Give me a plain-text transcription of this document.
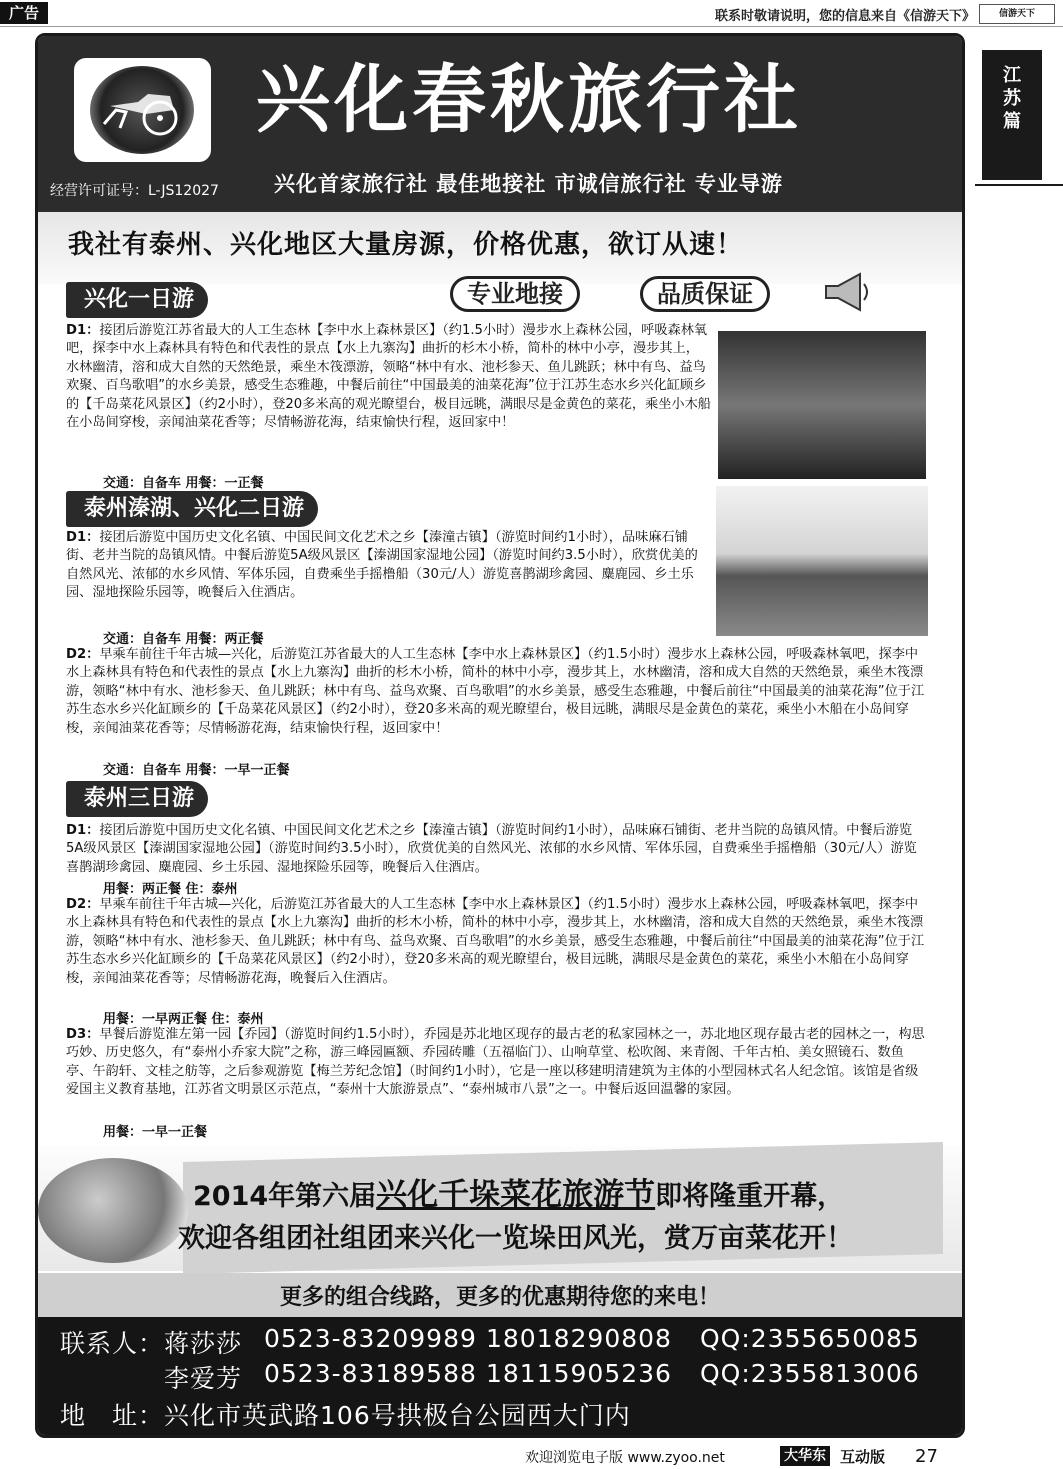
广告	联系时敬请说明，您的信息来自《信游天下》	信游天下
江苏篇
经营许可证号：L-JS12027
兴化春秋旅行社
兴化首家旅行社 最佳地接社 市诚信旅行社 专业导游
我社有泰州、兴化地区大量房源，价格优惠，欲订从速！
专业地接	品质保证
兴化一日游
D1：接团后游览江苏省最大的人工生态林【李中水上森林景区】（约1.5小时）漫步水上森林公园，呼吸森林氧吧，探李中水上森林具有特色和代表性的景点【水上九寨沟】曲折的杉木小桥，简朴的林中小亭，漫步其上，水林幽清，溶和成大自然的天然绝景，乘坐木筏漂游，领略“林中有水、池杉参天、鱼儿跳跃；林中有鸟、益鸟欢聚、百鸟歌唱”的水乡美景，感受生态雅趣，中餐后前往“中国最美的油菜花海”位于江苏生态水乡兴化缸顾乡的【千岛菜花风景区】（约2小时），登20多米高的观光瞭望台，极目远眺，满眼尽是金黄色的菜花，乘坐小木船在小岛间穿梭，亲闻油菜花香等；尽情畅游花海，结束愉快行程，返回家中！
交通：自备车 用餐：一正餐
泰州溱湖、兴化二日游
D1：接团后游览中国历史文化名镇、中国民间文化艺术之乡【溱潼古镇】（游览时间约1小时），品味麻石铺街、老井当院的岛镇风情。中餐后游览5A级风景区【溱湖国家湿地公园】（游览时间约3.5小时），欣赏优美的自然风光、浓郁的水乡风情、军体乐园，自费乘坐手摇橹船（30元/人）游览喜鹊湖珍禽园、麋鹿园、乡土乐园、湿地探险乐园等，晚餐后入住酒店。
交通：自备车 用餐：两正餐
D2：早乘车前往千年古城—兴化，后游览江苏省最大的人工生态林【李中水上森林景区】（约1.5小时）漫步水上森林公园，呼吸森林氧吧，探李中水上森林具有特色和代表性的景点【水上九寨沟】曲折的杉木小桥，简朴的林中小亭，漫步其上，水林幽清，溶和成大自然的天然绝景，乘坐木筏漂游，领略“林中有水、池杉参天、鱼儿跳跃；林中有鸟、益鸟欢聚、百鸟歌唱”的水乡美景，感受生态雅趣，中餐后前往“中国最美的油菜花海”位于江苏生态水乡兴化缸顾乡的【千岛菜花风景区】（约2小时），登20多米高的观光瞭望台，极目远眺，满眼尽是金黄色的菜花，乘坐小木船在小岛间穿梭，亲闻油菜花香等；尽情畅游花海，结束愉快行程，返回家中！
交通：自备车 用餐：一早一正餐
泰州三日游
D1：接团后游览中国历史文化名镇、中国民间文化艺术之乡【溱潼古镇】（游览时间约1小时），品味麻石铺街、老井当院的岛镇风情。中餐后游览5A级风景区【溱湖国家湿地公园】（游览时间约3.5小时），欣赏优美的自然风光、浓郁的水乡风情、军体乐园，自费乘坐手摇橹船（30元/人）游览喜鹊湖珍禽园、麋鹿园、乡土乐园、湿地探险乐园等，晚餐后入住酒店。
用餐：两正餐 住：泰州
D2：早乘车前往千年古城—兴化，后游览江苏省最大的人工生态林【李中水上森林景区】（约1.5小时）漫步水上森林公园，呼吸森林氧吧，探李中水上森林具有特色和代表性的景点【水上九寨沟】曲折的杉木小桥，简朴的林中小亭，漫步其上，水林幽清，溶和成大自然的天然绝景，乘坐木筏漂游，领略“林中有水、池杉参天、鱼儿跳跃；林中有鸟、益鸟欢聚、百鸟歌唱”的水乡美景，感受生态雅趣，中餐后前往“中国最美的油菜花海”位于江苏生态水乡兴化缸顾乡的【千岛菜花风景区】（约2小时），登20多米高的观光瞭望台，极目远眺，满眼尽是金黄色的菜花，乘坐小木船在小岛间穿梭，亲闻油菜花香等；尽情畅游花海，晚餐后入住酒店。
用餐：一早两正餐 住：泰州
D3：早餐后游览淮左第一园【乔园】（游览时间约1.5小时），乔园是苏北地区现存的最古老的私家园林之一，苏北地区现存最古老的园林之一，构思巧妙、历史悠久，有“泰州小乔家大院”之称，游三峰园匾额、乔园砖雕（五福临门）、山响草堂、松吹阁、来青阁、千年古柏、美女照镜石、数鱼亭、午韵轩、文桂之舫等，之后参观游览【梅兰芳纪念馆】（时间约1小时），它是一座以移建明清建筑为主体的小型园林式名人纪念馆。该馆是省级爱国主义教育基地，江苏省文明景区示范点，“泰州十大旅游景点”、“泰州城市八景”之一。中餐后返回温馨的家园。
用餐：一早一正餐
2014年第六届兴化千垛菜花旅游节即将隆重开幕，
欢迎各组团社组团来兴化一览垛田风光，赏万亩菜花开！
更多的组合线路，更多的优惠期待您的来电！
联系人：蒋莎莎 0523-83209989 18018290808 QQ:2355650085
李爱芳 0523-83189588 18115905236 QQ:2355813006
地　址：兴化市英武路106号拱极台公园西大门内
欢迎浏览电子版 www.zyoo.net	大华东 互动版 27
